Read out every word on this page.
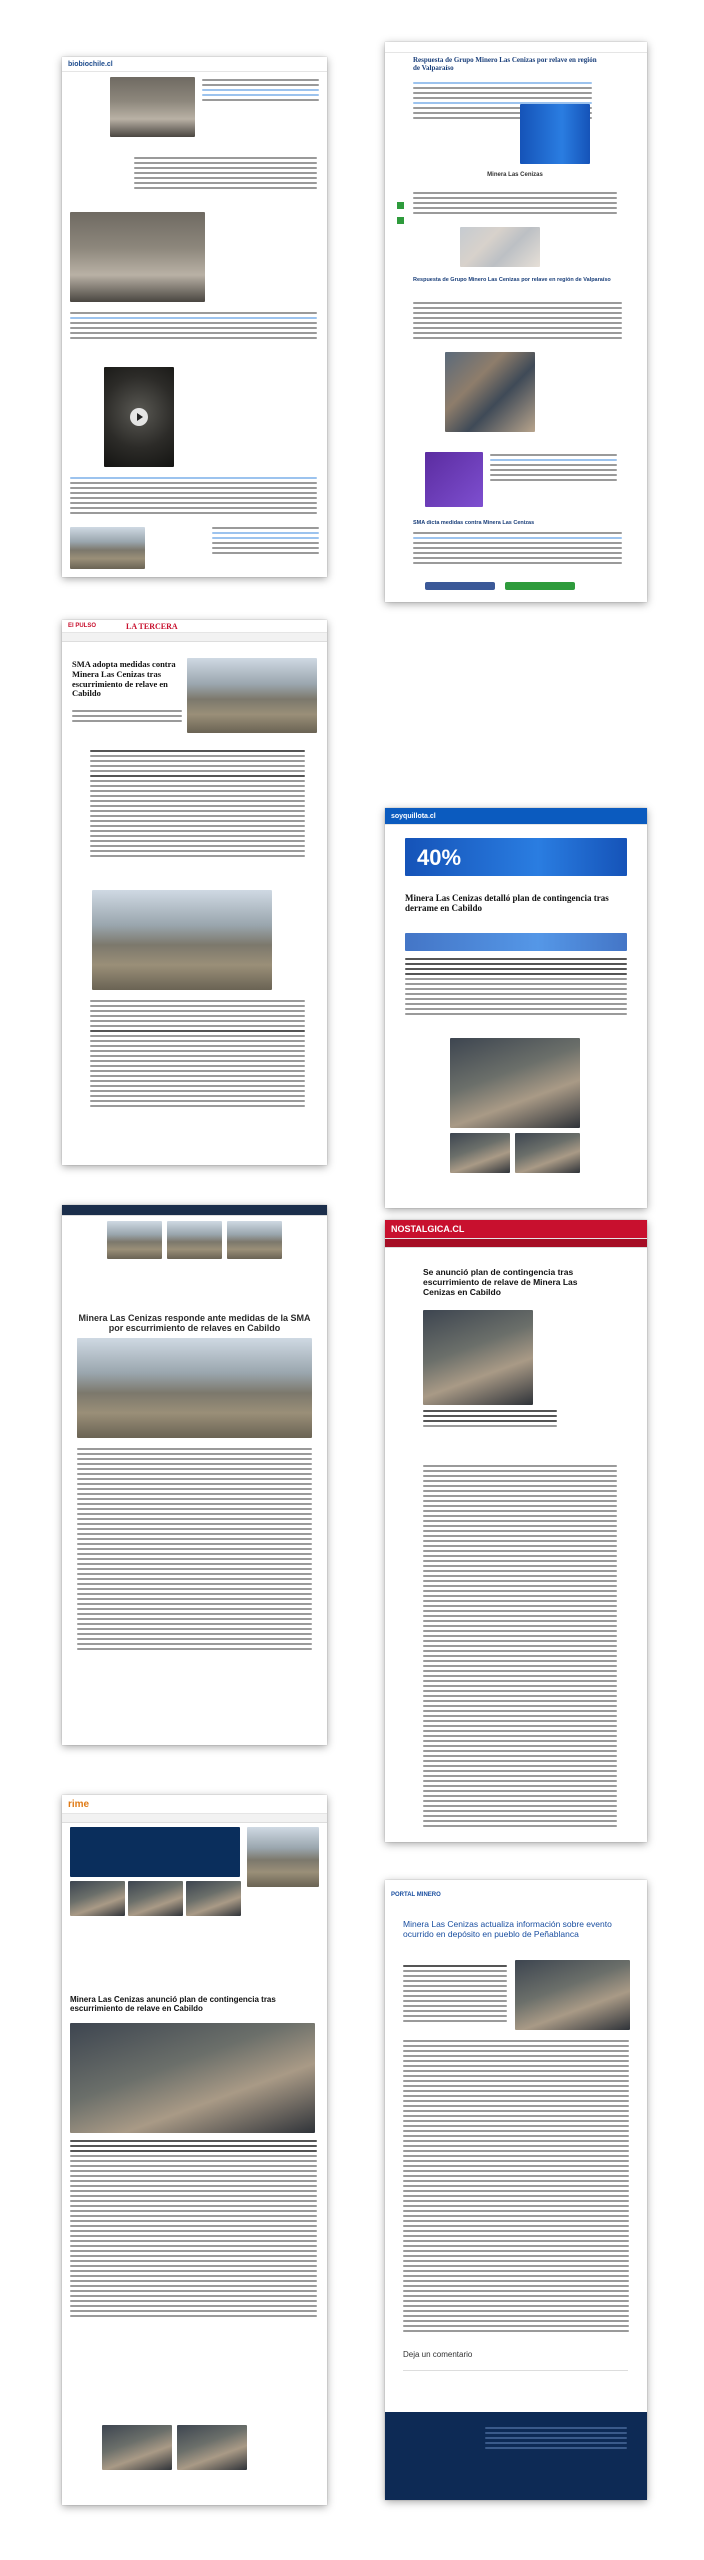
biobiochile.cl	Respuesta de Grupo Minero Las Cenizas por relave en región de Valparaíso
Minera Las Cenizas
Respuesta de Grupo Minero Las Cenizas por relave en región de Valparaíso
SMA dicta medidas contra Minera Las Cenizas
El PULSO	LA TERCERA
SMA adopta medidas contra Minera Las Cenizas tras escurrimiento de relave en Cabildo
soyquillota.cl
40%
Minera Las Cenizas detalló plan de contingencia tras derrame en Cabildo
Minera Las Cenizas responde ante medidas de la SMA por escurrimiento de relaves en Cabildo
NOSTALGICA.CL
Se anunció plan de contingencia tras escurrimiento de relave de Minera Las Cenizas en Cabildo
rime
Minera Las Cenizas anunció plan de contingencia tras escurrimiento de relave en Cabildo
PORTAL MINERO
Minera Las Cenizas actualiza información sobre evento ocurrido en depósito en pueblo de Peñablanca
Deja un comentario
